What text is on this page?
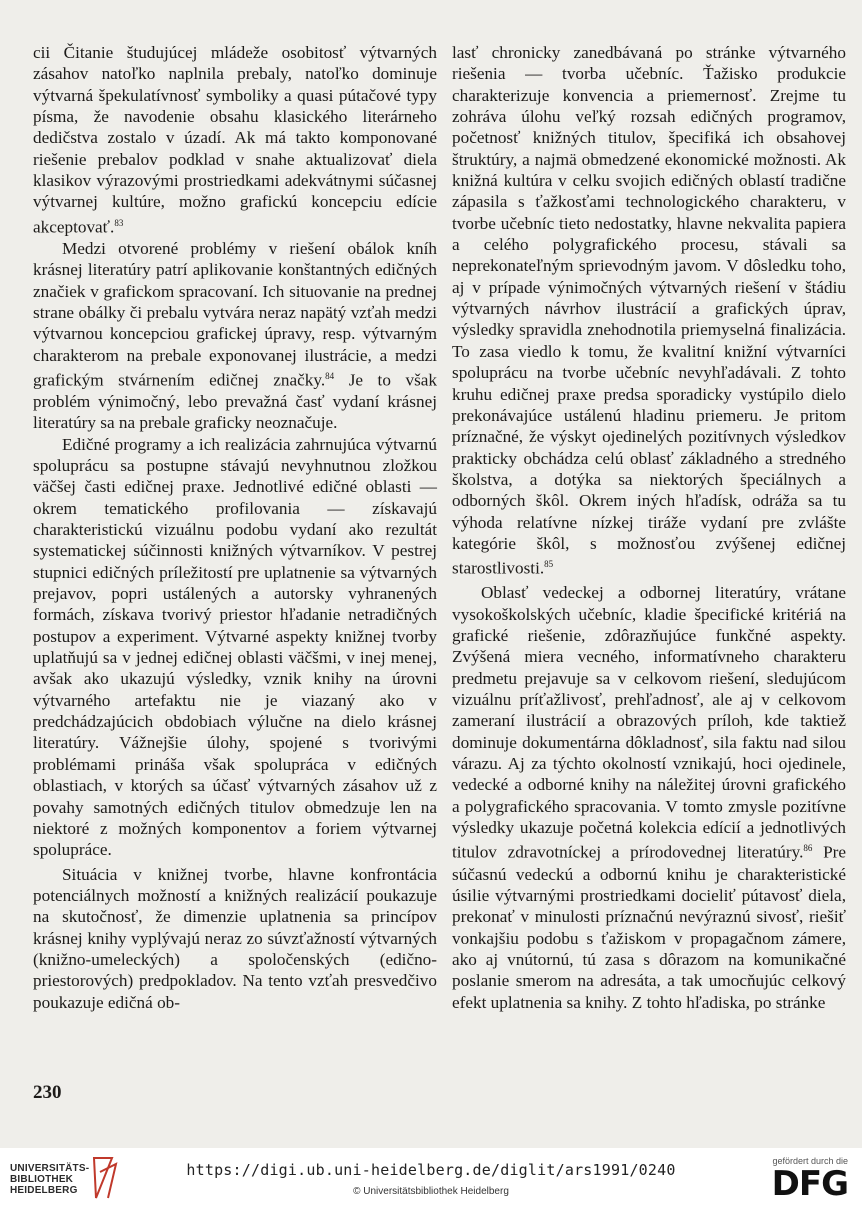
cii Čitanie študujúcej mládeže osobitosť výtvarných zásahov natoľko naplnila prebaly, natoľko dominuje výtvarná špekulatívnosť symboliky a quasi pútačové typy písma, že navodenie obsahu klasického literárneho dedičstva zostalo v úzadí. Ak má takto komponované riešenie prebalov podklad v snahe aktualizovať diela klasikov výrazovými prostriedkami adekvátnymi súčasnej výtvarnej kultúre, možno grafickú koncepciu edície akceptovať.$^{83}$

Medzi otvorené problémy v riešení obálok kníh krásnej literatúry patrí aplikovanie konštantných edičných značiek v grafickom spracovaní. Ich situovanie na prednej strane obálky či prebalu vytvára neraz napätý vzťah medzi výtvarnou koncepciou grafickej úpravy, resp. výtvarným charakterom na prebale exponovanej ilustrácie, a medzi grafickým stvárnením edičnej značky.$^{84}$ Je to však problém výnimočný, lebo prevažná časť vydaní krásnej literatúry sa na prebale graficky neoznačuje.

Edičné programy a ich realizácia zahrnujúca výtvarnú spoluprácu sa postupne stávajú nevyhnutnou zložkou väčšej časti edičnej praxe. Jednotlivé edičné oblasti — okrem tematického profilovania — získavajú charakteristickú vizuálnu podobu vydaní ako rezultát systematickej súčinnosti knižných výtvarníkov. V pestrej stupnici edičných príležitostí pre uplatnenie sa výtvarných prejavov, popri ustálených a autorsky vyhranených formách, získava tvorivý priestor hľadanie netradičných postupov a experiment. Výtvarné aspekty knižnej tvorby uplatňujú sa v jednej edičnej oblasti väčšmi, v inej menej, avšak ako ukazujú výsledky, vznik knihy na úrovni výtvarného artefaktu nie je viazaný ako v predchádzajúcich obdobiach výlučne na dielo krásnej literatúry. Vážnejšie úlohy, spojené s tvorivými problémami prináša však spolupráca v edičných oblastiach, v ktorých sa účasť výtvarných zásahov už z povahy samotných edičných titulov obmedzuje len na niektoré z možných komponentov a foriem výtvarnej spolupráce.

Situácia v knižnej tvorbe, hlavne konfrontácia potenciálnych možností a knižných realizácií poukazuje na skutočnosť, že dimenzie uplatnenia sa princípov krásnej knihy vyplývajú neraz zo súvzťažností výtvarných (knižno-umeleckých) a spoločenských (edično-priestorových) predpokladov. Na tento vzťah presvedčivo poukazuje edičná ob-

lasť chronicky zanedbávaná po stránke výtvarného riešenia — tvorba učebníc. Ťažisko produkcie charakterizuje konvencia a priemernosť. Zrejme tu zohráva úlohu veľký rozsah edičných programov, početnosť knižných titulov, špecifiká ich obsahovej štruktúry, a najmä obmedzené ekonomické možnosti. Ak knižná kultúra v celku svojich edičných oblastí tradične zápasila s ťažkosťami technologického charakteru, v tvorbe učebníc tieto nedostatky, hlavne nekvalita papiera a celého polygrafického procesu, stávali sa neprekonateľným sprievodným javom. V dôsledku toho, aj v prípade výnimočných výtvarných riešení v štádiu výtvarných návrhov ilustrácií a grafických úprav, výsledky spravidla znehodnotila priemyselná finalizácia. To zasa viedlo k tomu, že kvalitní knižní výtvarníci spoluprácu na tvorbe učebníc nevyhľadávali. Z tohto kruhu edičnej praxe predsa sporadicky vystúpilo dielo prekonávajúce ustálenú hladinu priemeru. Je pritom príznačné, že výskyt ojedinelých pozitívnych výsledkov prakticky obchádza celú oblasť základného a stredného školstva, a dotýka sa niektorých špeciálnych a odborných škôl. Okrem iných hľadísk, odráža sa tu výhoda relatívne nízkej tiráže vydaní pre zvlášte kategórie škôl, s možnosťou zvýšenej edičnej starostlivosti.$^{85}$

Oblasť vedeckej a odbornej literatúry, vrátane vysokoškolských učebníc, kladie špecifické kritériá na grafické riešenie, zdôrazňujúce funkčné aspekty. Zvýšená miera vecného, informatívneho charakteru predmetu prejavuje sa v celkovom riešení, sledujúcom vizuálnu príťažlivosť, prehľadnosť, ale aj v celkovom zameraní ilustrácií a obrazových príloh, kde taktiež dominuje dokumentárna dôkladnosť, sila faktu nad silou várazu. Aj za týchto okolností vznikajú, hoci ojedinele, vedecké a odborné knihy na náležitej úrovni grafického a polygrafického spracovania. V tomto zmysle pozitívne výsledky ukazuje početná kolekcia edícií a jednotlivých titulov zdravotníckej a prírodovednej literatúry.$^{86}$ Pre súčasnú vedeckú a odbornú knihu je charakteristické úsilie výtvarnými prostriedkami docieliť pútavosť diela, prekonať v minulosti príznačnú nevýraznú sivosť, riešiť vonkajšiu podobu s ťažiskom v propagačnom zámere, ako aj vnútornú, tú zasa s dôrazom na komunikačné poslanie smerom na adresáta, a tak umocňujúc celkový efekt uplatnenia sa knihy. Z tohto hľadiska, po stránke

230
UNIVERSITÄTS-
BIBLIOTHEK
HEIDELBERG
https://digi.ub.uni-heidelberg.de/diglit/ars1991/0240
© Universitätsbibliothek Heidelberg
gefördert durch die
DFG
